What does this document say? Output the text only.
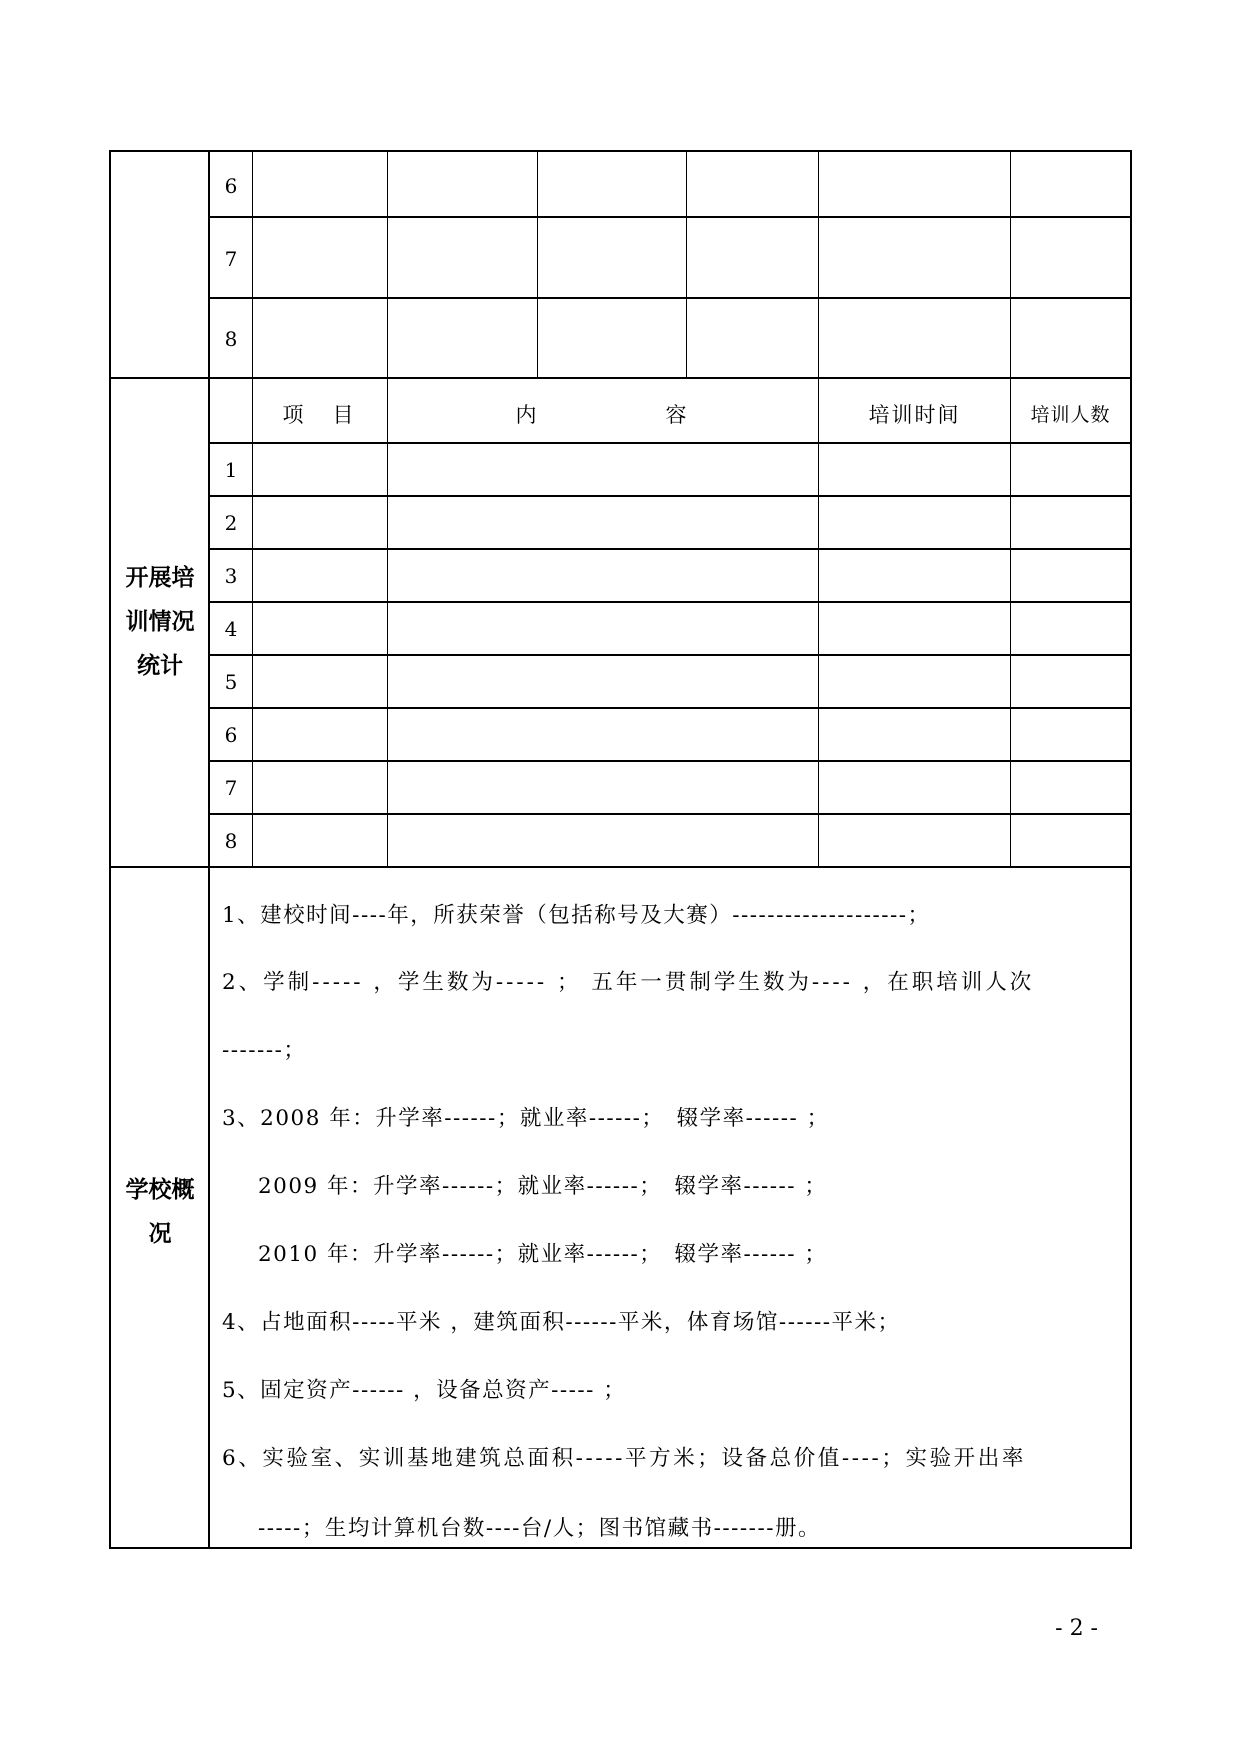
6
7
8
开展培
训情况
统计
项　目	内　　　　　容	培训时间	培训人数
1
2
3
4
5
6
7
8
学校概
况
1、建校时间----年，所获荣誉（包括称号及大赛）--------------------；
2、学制----- ，学生数为----- ； 五年一贯制学生数为---- ，在职培训人次
-------；
3、2008 年：升学率------；就业率------；　辍学率------ ；
2009 年：升学率------；就业率------；　辍学率------ ；
2010 年：升学率------；就业率------；　辍学率------ ；
4、占地面积-----平米 ，建筑面积------平米，体育场馆------平米；
5、固定资产------ ，设备总资产----- ；
6、实验室、实训基地建筑总面积-----平方米；设备总价值----；实验开出率
-----；生均计算机台数----台/人；图书馆藏书-------册。
- 2 -
